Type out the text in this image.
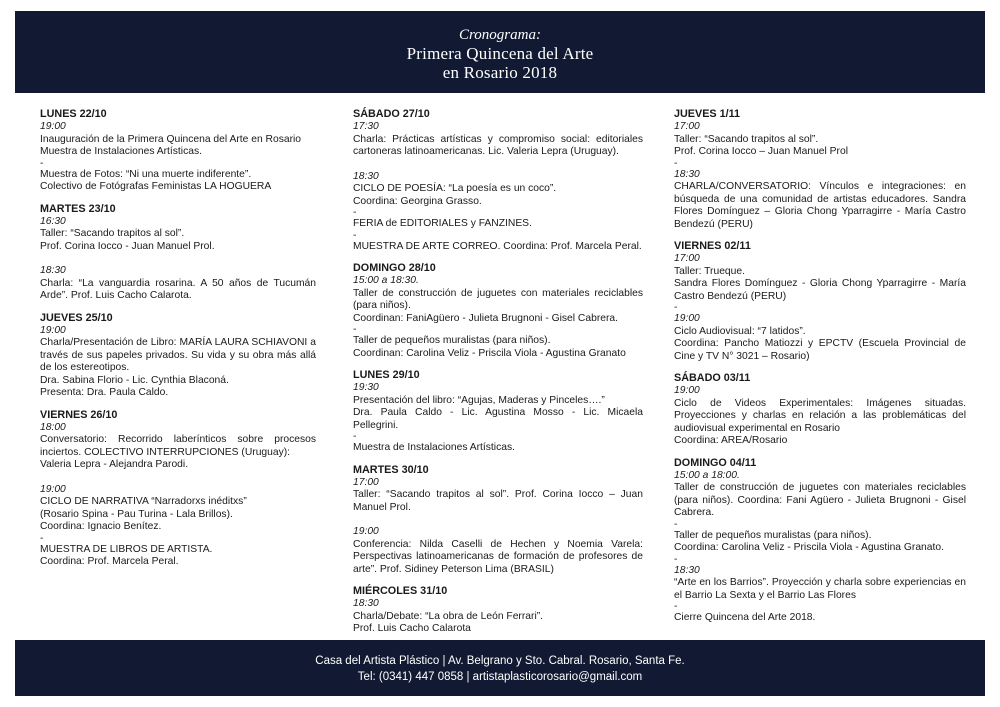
Cronograma:
Primera Quincena del Arte
en Rosario 2018
LUNES 22/10
19:00
Inauguración de la Primera Quincena del Arte en Rosario
Muestra de Instalaciones Artísticas.
-
Muestra de Fotos: “Ni una muerte indiferente”.
Colectivo de Fotógrafas Feministas LA HOGUERA
MARTES 23/10
16:30
Taller: “Sacando trapitos al sol”.
Prof. Corina Iocco - Juan Manuel Prol.
18:30
Charla: “La vanguardia rosarina. A 50 años de Tucumán Arde”. Prof. Luis Cacho Calarota.
JUEVES 25/10
19:00
Charla/Presentación de Libro: MARÍA LAURA SCHIAVONI a través de sus papeles privados. Su vida y su obra más allá de los estereotipos.
Dra. Sabina Florio - Lic. Cynthia Blaconá.
Presenta: Dra. Paula Caldo.
VIERNES 26/10
18:00
Conversatorio: Recorrido laberínticos sobre procesos inciertos. COLECTIVO INTERRUPCIONES (Uruguay):
Valeria Lepra - Alejandra Parodi.
19:00
CICLO DE NARRATIVA “Narradorxs inéditxs”
(Rosario Spina - Pau Turina - Lala Brillos).
Coordina: Ignacio Benítez.
-
MUESTRA DE LIBROS DE ARTISTA.
Coordina: Prof. Marcela Peral.
SÁBADO 27/10
17:30
Charla: Prácticas artísticas y compromiso social: editoriales cartoneras latinoamericanas. Lic. Valeria Lepra (Uruguay).
18:30
CICLO DE POESÍA: “La poesía es un coco”.
Coordina: Georgina Grasso.
-
FERIA de EDITORIALES y FANZINES.
-
MUESTRA DE ARTE CORREO. Coordina: Prof. Marcela Peral.
DOMINGO 28/10
15:00 a 18:30.
Taller de construcción de juguetes con materiales reciclables (para niños).
Coordinan: FaniAgüero - Julieta Brugnoni - Gisel Cabrera.
-
Taller de pequeños muralistas (para niños).
Coordinan: Carolina Veliz - Priscila Viola - Agustina Granato
LUNES 29/10
19:30
Presentación del libro: “Agujas, Maderas y Pinceles….”
Dra. Paula Caldo - Lic. Agustina Mosso - Lic. Micaela Pellegrini.
-
Muestra de Instalaciones Artísticas.
MARTES 30/10
17:00
Taller: “Sacando trapitos al sol”. Prof. Corina Iocco – Juan Manuel Prol.
19:00
Conferencia: Nilda Caselli de Hechen y Noemia Varela: Perspectivas latinoamericanas de formación de profesores de arte”. Prof. Sidiney Peterson Lima (BRASIL)
MIÉRCOLES 31/10
18:30
Charla/Debate: “La obra de León Ferrari”.
Prof. Luis Cacho Calarota
JUEVES 1/11
17:00
Taller: “Sacando trapitos al sol”.
Prof. Corina Iocco – Juan Manuel Prol
-
18:30
CHARLA/CONVERSATORIO: Vínculos e integraciones: en búsqueda de una comunidad de artistas educadores. Sandra Flores Domínguez – Gloria Chong Yparragirre - María Castro Bendezú (PERU)
VIERNES 02/11
17:00
Taller: Trueque.
Sandra Flores Domínguez - Gloria Chong Yparragirre - María Castro Bendezú (PERU)
-
19:00
Ciclo Audiovisual: “7 latidos”.
Coordina: Pancho Matiozzi y EPCTV (Escuela Provincial de Cine y TV N° 3021 – Rosario)
SÁBADO 03/11
19:00
Ciclo de Videos Experimentales: Imágenes situadas. Proyecciones y charlas en relación a las problemáticas del audiovisual experimental en Rosario
Coordina: AREA/Rosario
DOMINGO 04/11
15:00 a 18:00.
Taller de construcción de juguetes con materiales reciclables (para niños). Coordina: Fani Agüero - Julieta Brugnoni - Gisel Cabrera.
-
Taller de pequeños muralistas (para niños).
Coordina: Carolina Veliz - Priscila Viola - Agustina Granato.
-
18:30
“Arte en los Barrios”. Proyección y charla sobre experiencias en el Barrio La Sexta y el Barrio Las Flores
-
Cierre Quincena del Arte 2018.
Casa del Artista Plástico | Av. Belgrano y Sto. Cabral. Rosario, Santa Fe.
Tel: (0341) 447 0858 | artistaplasticorosario@gmail.com
